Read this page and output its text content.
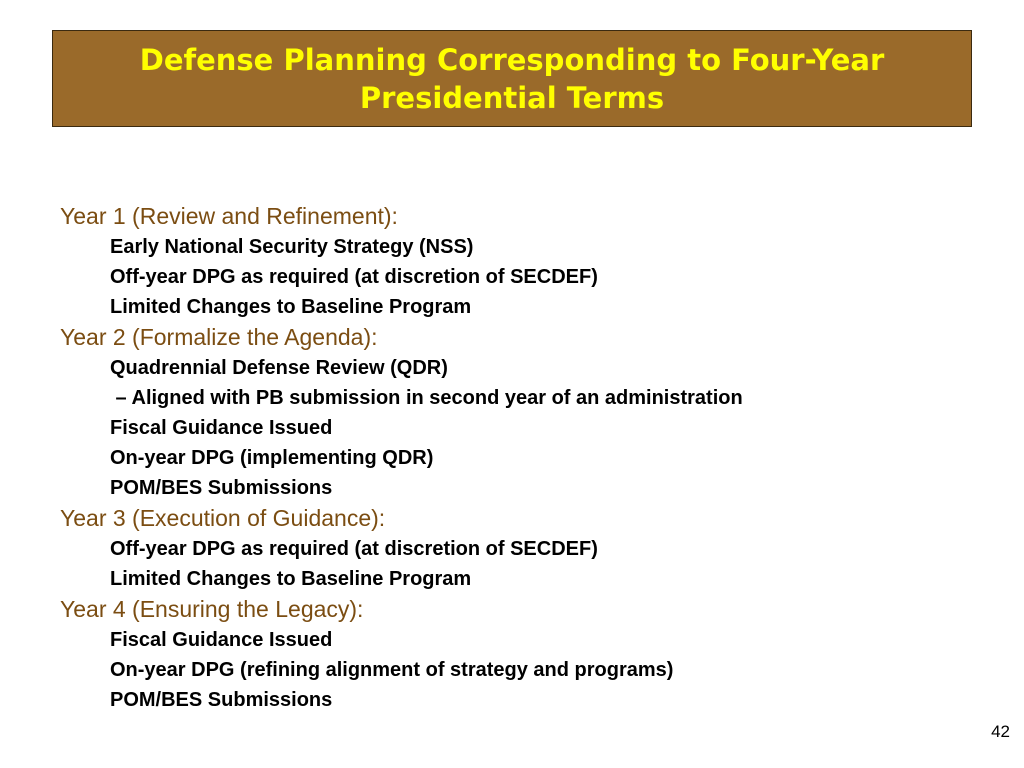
Defense Planning Corresponding to Four-Year Presidential Terms
Year 1 (Review and Refinement):
Early National Security Strategy (NSS)
Off-year DPG as required (at discretion of SECDEF)
Limited Changes to Baseline Program
Year 2 (Formalize the Agenda):
Quadrennial Defense Review (QDR)
– Aligned with PB submission in second year of an administration
Fiscal Guidance Issued
On-year DPG (implementing QDR)
POM/BES Submissions
Year 3 (Execution of Guidance):
Off-year DPG as required (at discretion of SECDEF)
Limited Changes to Baseline Program
Year 4 (Ensuring the Legacy):
Fiscal Guidance Issued
On-year DPG (refining alignment of strategy and programs)
POM/BES Submissions
42
